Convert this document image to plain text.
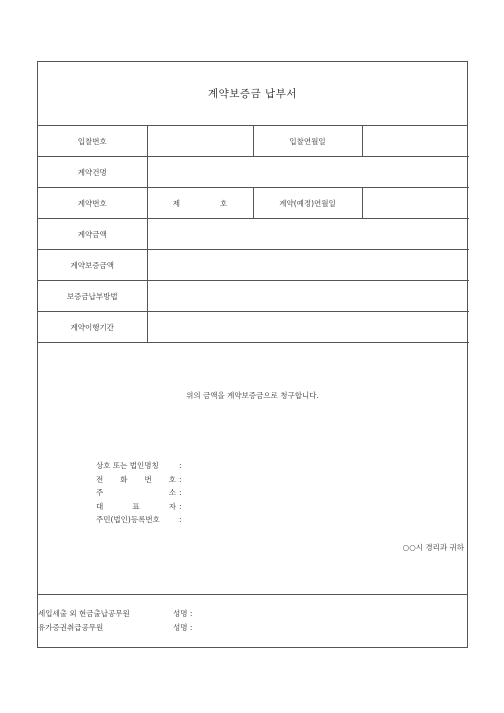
계약보증금 납부서
입찰번호		입찰연월일	
계약건명			
계약번호	제 호	계약(예정)연월일	
계약금액			
계약보증금액			
보증금납부방법			
계약이행기간			
위의 금액을 계약보증금으로 청구합니다.
상호 또는 법인명칭	:
전 화 번 호 :
주	소 :
대	표	자 :
주민(법인)등록번호	:
○○시 경리과 귀하
세입세출 외 현금출납공무원	성명 :
유가증권취급공무원	성명 :
